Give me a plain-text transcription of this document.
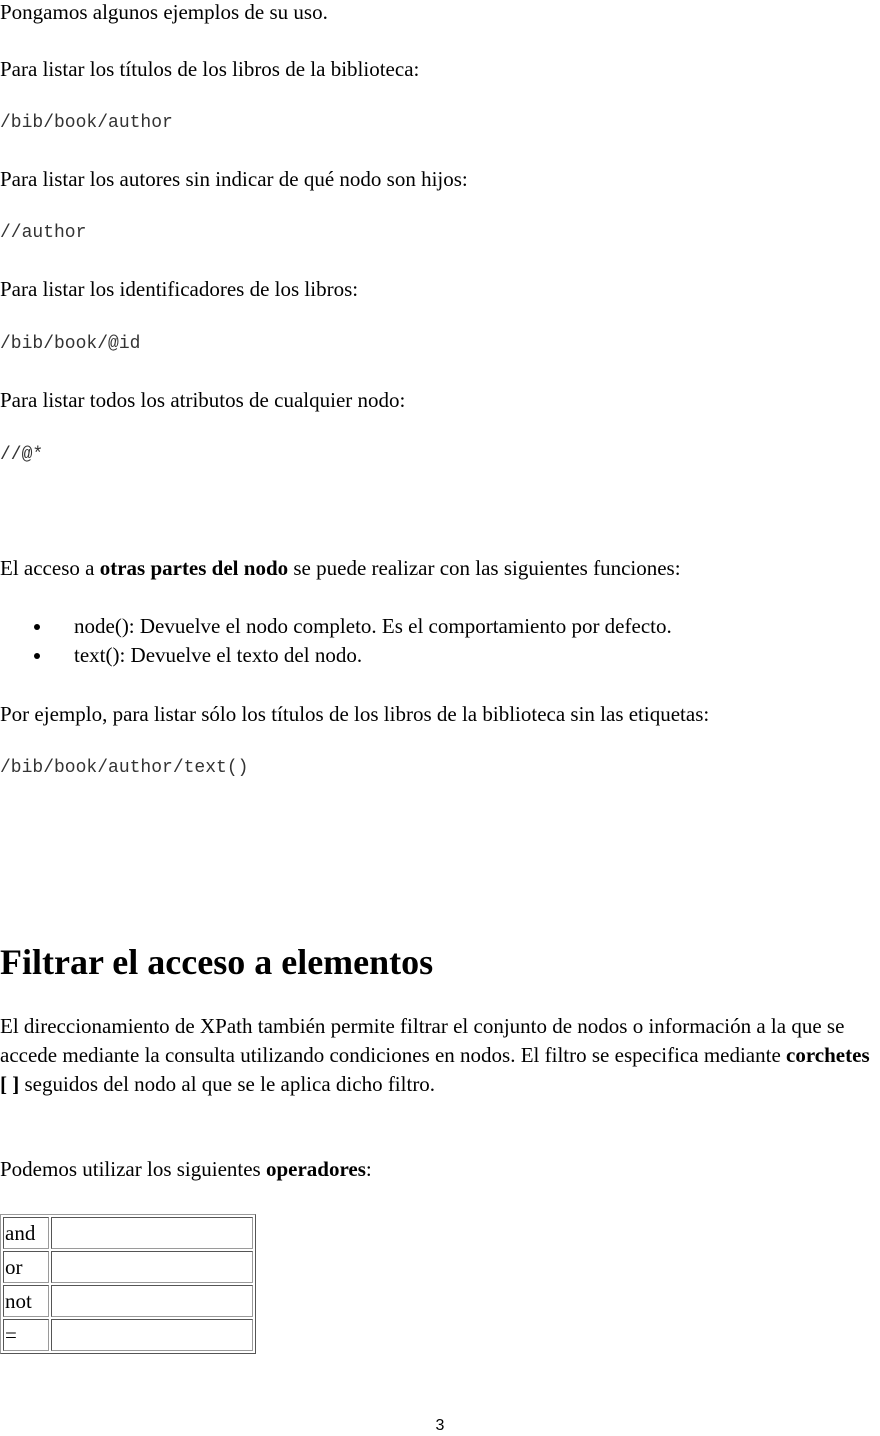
Pongamos algunos ejemplos de su uso.

Para listar los títulos de los libros de la biblioteca:

/bib/book/author

Para listar los autores sin indicar de qué nodo son hijos:

//author

Para listar los identificadores de los libros:

/bib/book/@id

Para listar todos los atributos de cualquier nodo:

//@*

El acceso a otras partes del nodo se puede realizar con las siguientes funciones:

node(): Devuelve el nodo completo. Es el comportamiento por defecto.
text(): Devuelve el texto del nodo.

Por ejemplo, para listar sólo los títulos de los libros de la biblioteca sin las etiquetas:

/bib/book/author/text()

Filtrar el acceso a elementos

El direccionamiento de XPath también permite filtrar el conjunto de nodos o información a la que se accede mediante la consulta utilizando condiciones en nodos. El filtro se especifica mediante corchetes [ ] seguidos del nodo al que se le aplica dicho filtro.

Podemos utilizar los siguientes operadores:

and	
or	
not	
=	
3
